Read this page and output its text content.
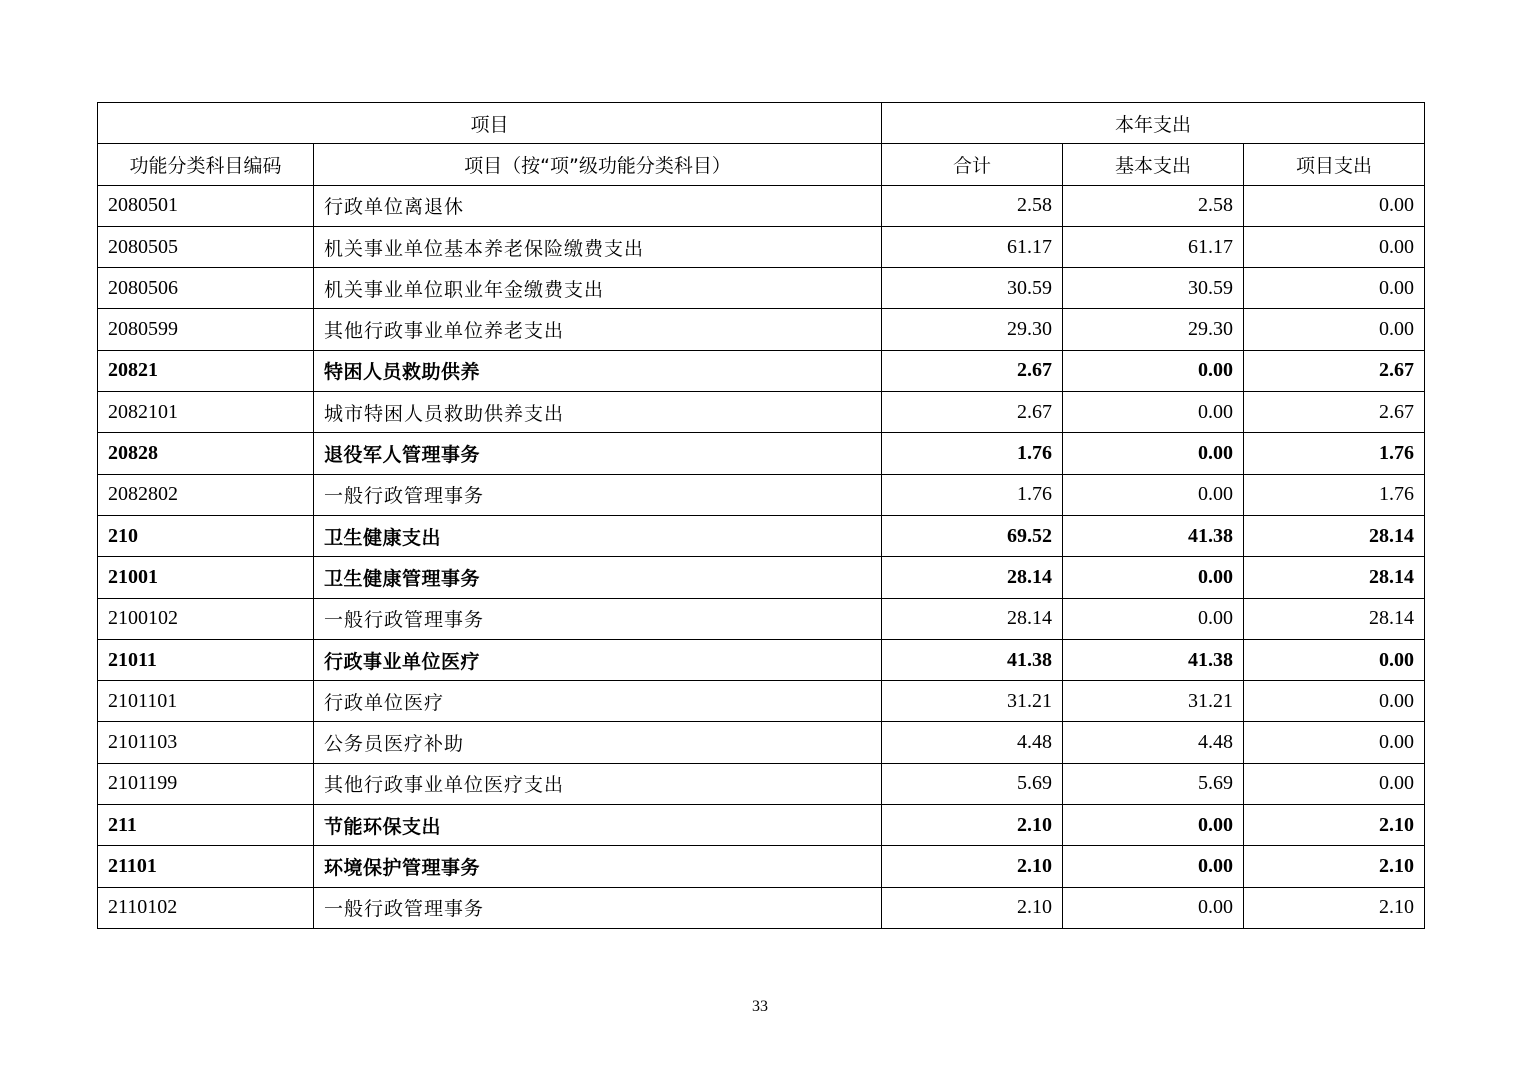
项目		本年支出		
功能分类科目编码	项目（按“项”级功能分类科目）	合计	基本支出	项目支出
2080501	行政单位离退休	2.58	2.58	0.00
2080505	机关事业单位基本养老保险缴费支出	61.17	61.17	0.00
2080506	机关事业单位职业年金缴费支出	30.59	30.59	0.00
2080599	其他行政事业单位养老支出	29.30	29.30	0.00
20821	特困人员救助供养	2.67	0.00	2.67
2082101	城市特困人员救助供养支出	2.67	0.00	2.67
20828	退役军人管理事务	1.76	0.00	1.76
2082802	一般行政管理事务	1.76	0.00	1.76
210	卫生健康支出	69.52	41.38	28.14
21001	卫生健康管理事务	28.14	0.00	28.14
2100102	一般行政管理事务	28.14	0.00	28.14
21011	行政事业单位医疗	41.38	41.38	0.00
2101101	行政单位医疗	31.21	31.21	0.00
2101103	公务员医疗补助	4.48	4.48	0.00
2101199	其他行政事业单位医疗支出	5.69	5.69	0.00
211	节能环保支出	2.10	0.00	2.10
21101	环境保护管理事务	2.10	0.00	2.10
2110102	一般行政管理事务	2.10	0.00	2.10
33
